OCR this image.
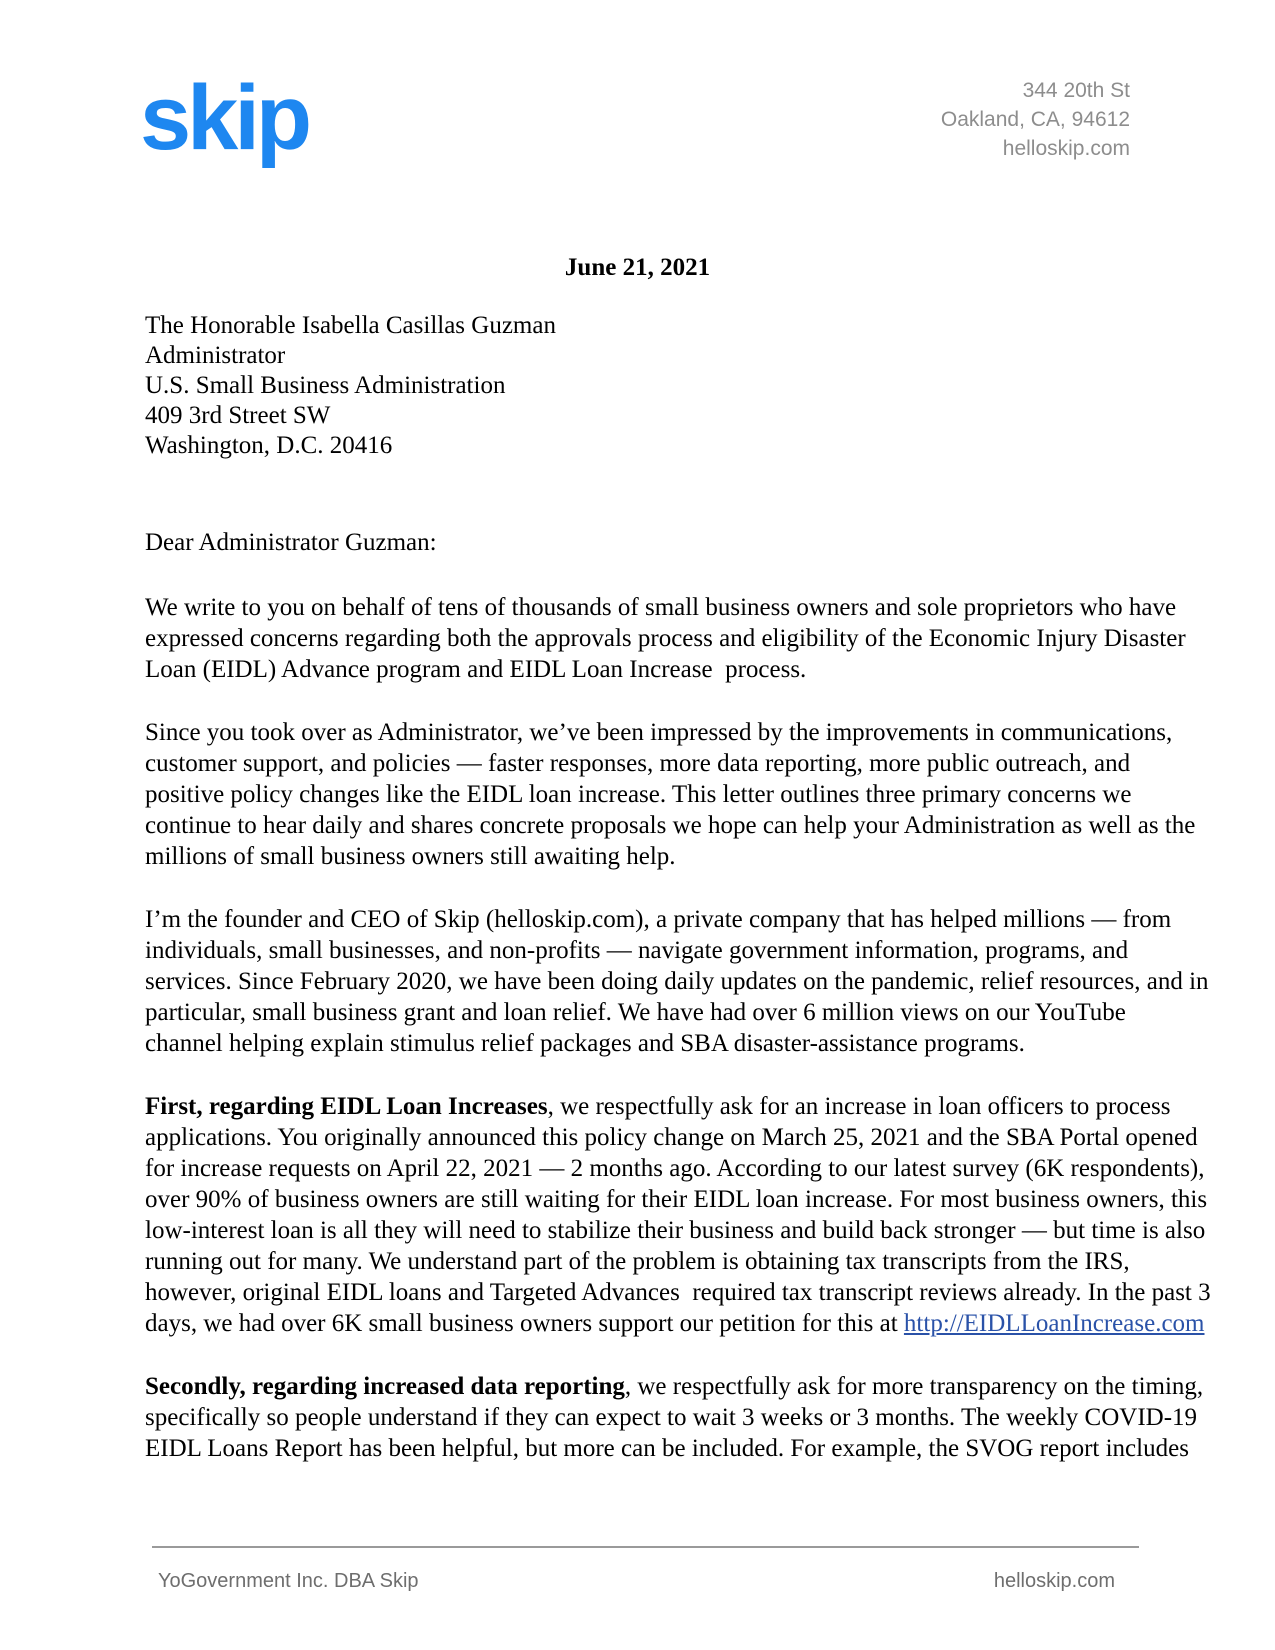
skip	344 20th St
Oakland, CA, 94612
helloskip.com
June 21, 2021
The Honorable Isabella Casillas Guzman
Administrator
U.S. Small Business Administration
409 3rd Street SW
Washington, D.C. 20416
Dear Administrator Guzman:
We write to you on behalf of tens of thousands of small business owners and sole proprietors who have
expressed concerns regarding both the approvals process and eligibility of the Economic Injury Disaster
Loan (EIDL) Advance program and EIDL Loan Increase  process.
Since you took over as Administrator, we’ve been impressed by the improvements in communications,
customer support, and policies — faster responses, more data reporting, more public outreach, and
positive policy changes like the EIDL loan increase. This letter outlines three primary concerns we
continue to hear daily and shares concrete proposals we hope can help your Administration as well as the
millions of small business owners still awaiting help.
I’m the founder and CEO of Skip (helloskip.com), a private company that has helped millions — from
individuals, small businesses, and non-profits — navigate government information, programs, and
services. Since February 2020, we have been doing daily updates on the pandemic, relief resources, and in
particular, small business grant and loan relief. We have had over 6 million views on our YouTube
channel helping explain stimulus relief packages and SBA disaster-assistance programs.
First, regarding EIDL Loan Increases, we respectfully ask for an increase in loan officers to process
applications. You originally announced this policy change on March 25, 2021 and the SBA Portal opened
for increase requests on April 22, 2021 — 2 months ago. According to our latest survey (6K respondents),
over 90% of business owners are still waiting for their EIDL loan increase. For most business owners, this
low-interest loan is all they will need to stabilize their business and build back stronger — but time is also
running out for many. We understand part of the problem is obtaining tax transcripts from the IRS,
however, original EIDL loans and Targeted Advances  required tax transcript reviews already. In the past 3
days, we had over 6K small business owners support our petition for this at http://EIDLLoanIncrease.com
Secondly, regarding increased data reporting, we respectfully ask for more transparency on the timing,
specifically so people understand if they can expect to wait 3 weeks or 3 months. The weekly COVID-19
EIDL Loans Report has been helpful, but more can be included. For example, the SVOG report includes
YoGovernment Inc. DBA Skip	helloskip.com
